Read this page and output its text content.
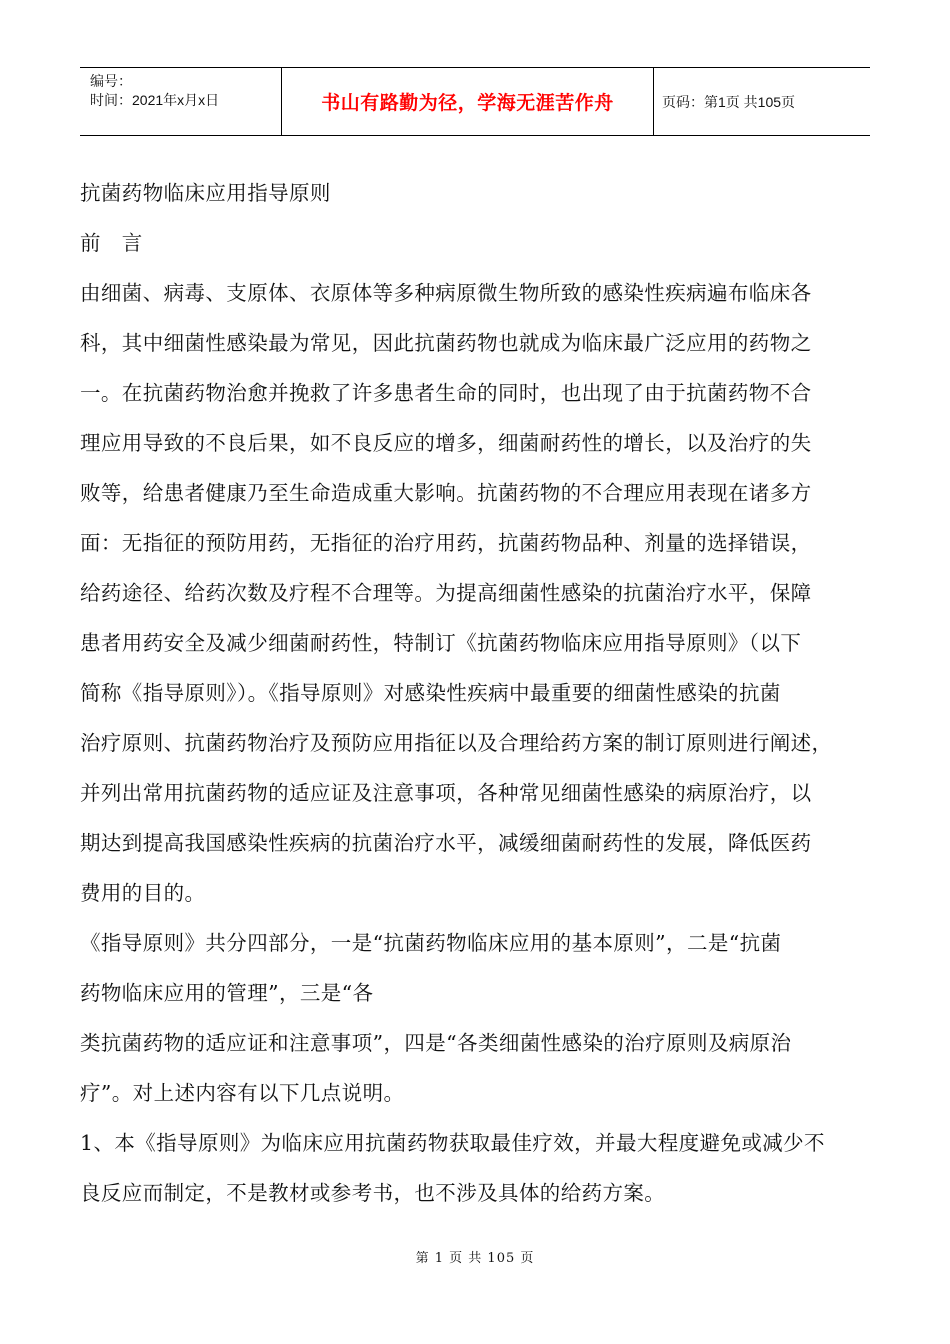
编号：
时间：2021年x月x日	书山有路勤为径，学海无涯苦作舟	页码：第1页 共105页

抗菌药物临床应用指导原则

前　言

由细菌、病毒、支原体、衣原体等多种病原微生物所致的感染性疾病遍布临床各

科，其中细菌性感染最为常见，因此抗菌药物也就成为临床最广泛应用的药物之

一。在抗菌药物治愈并挽救了许多患者生命的同时，也出现了由于抗菌药物不合

理应用导致的不良后果，如不良反应的增多，细菌耐药性的增长，以及治疗的失

败等，给患者健康乃至生命造成重大影响。抗菌药物的不合理应用表现在诸多方

面：无指征的预防用药，无指征的治疗用药，抗菌药物品种、剂量的选择错误，

给药途径、给药次数及疗程不合理等。为提高细菌性感染的抗菌治疗水平，保障

患者用药安全及减少细菌耐药性，特制订《抗菌药物临床应用指导原则》（以下

简称《指导原则》）。《指导原则》对感染性疾病中最重要的细菌性感染的抗菌

治疗原则、抗菌药物治疗及预防应用指征以及合理给药方案的制订原则进行阐述，

并列出常用抗菌药物的适应证及注意事项，各种常见细菌性感染的病原治疗，以

期达到提高我国感染性疾病的抗菌治疗水平，减缓细菌耐药性的发展，降低医药

费用的目的。

《指导原则》共分四部分，一是“抗菌药物临床应用的基本原则”，二是“抗菌

药物临床应用的管理”，三是“各

类抗菌药物的适应证和注意事项”，四是“各类细菌性感染的治疗原则及病原治

疗”。对上述内容有以下几点说明。

1、本《指导原则》为临床应用抗菌药物获取最佳疗效，并最大程度避免或减少不

良反应而制定，不是教材或参考书，也不涉及具体的给药方案。

第 1 页 共 105 页
